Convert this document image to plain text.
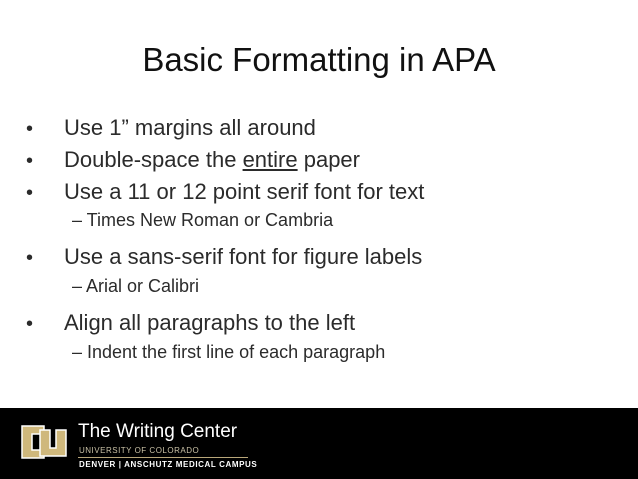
Basic Formatting in APA
• Use 1” margins all around
• Double-space the entire paper
• Use a 11 or 12 point serif font for text
– Times New Roman or Cambria
• Use a sans-serif font for figure labels
– Arial or Calibri
• Align all paragraphs to the left
– Indent the first line of each paragraph
The Writing Center
UNIVERSITY OF COLORADO
DENVER | ANSCHUTZ MEDICAL CAMPUS
